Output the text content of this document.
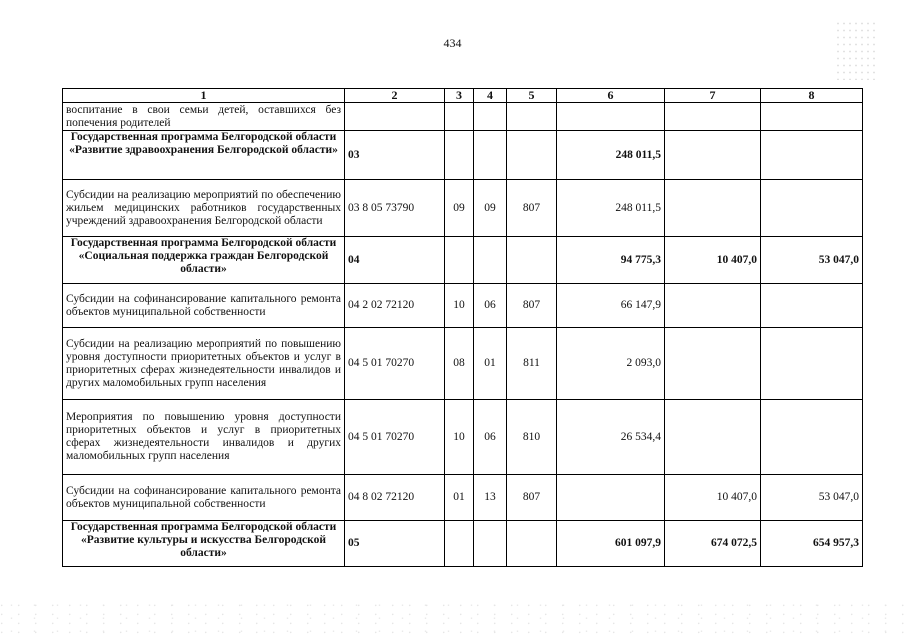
434
1	2	3	4	5	6	7	8
воспитание в свои семьи детей, оставшихся без попечения родителей							
Государственная программа Белгородской области «Развитие здравоохранения Белгородской области»	03				248 011,5		
Субсидии на реализацию мероприятий по обеспечению жильем медицинских работников государственных учреждений здравоохранения Белгородской области	03 8 05 73790	09	09	807	248 011,5		
Государственная программа Белгородской области «Социальная поддержка граждан Белгородской области»	04				94 775,3	10 407,0	53 047,0
Субсидии на софинансирование капитального ремонта объектов муниципальной собственности	04 2 02 72120	10	06	807	66 147,9		
Субсидии на реализацию мероприятий по повышению уровня доступности приоритетных объектов и услуг в приоритетных сферах жизнедеятельности инвалидов и других маломобильных групп населения	04 5 01 70270	08	01	811	2 093,0		
Мероприятия по повышению уровня доступности приоритетных объектов и услуг в приоритетных сферах жизнедеятельности инвалидов и других маломобильных групп населения	04 5 01 70270	10	06	810	26 534,4		
Субсидии на софинансирование капитального ремонта объектов муниципальной собственности	04 8 02 72120	01	13	807		10 407,0	53 047,0
Государственная программа Белгородской области «Развитие культуры и искусства Белгородской области»	05				601 097,9	674 072,5	654 957,3
